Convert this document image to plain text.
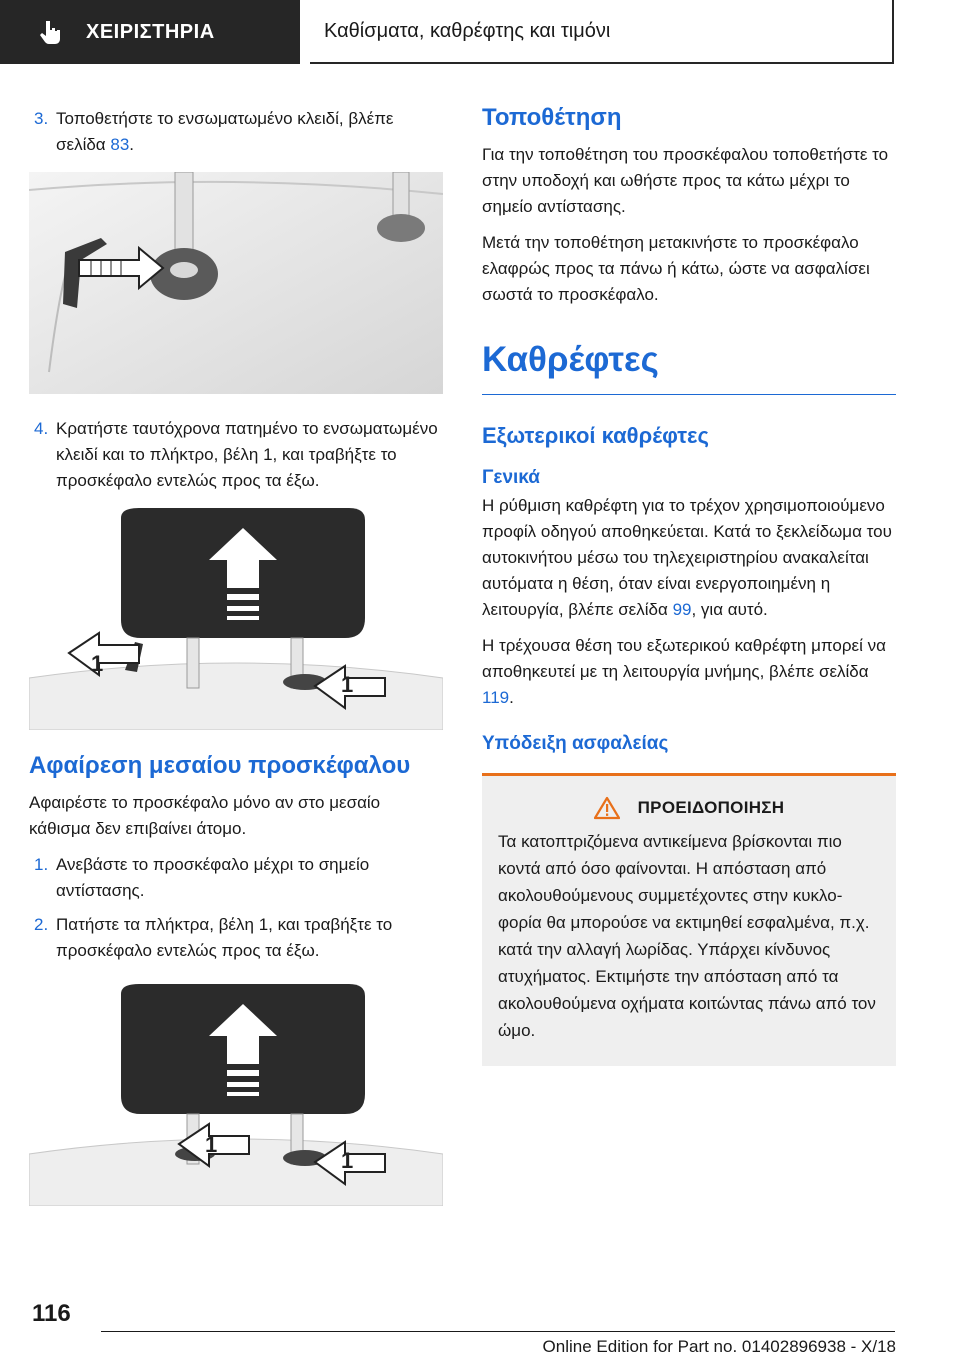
ΧΕΙΡΙΣΤΗΡΙΑ	Καθίσματα, καθρέφτης και τιμόνι
3. Τοποθετήστε το ενσωματωμένο κλειδί, βλέπε σελίδα 83.
4. Κρατήστε ταυτόχρονα πατημένο το ενσωματωμένο κλειδί και το πλήκτρο, βέλη 1, και τραβήξτε το προσκέφαλο εντελώς προς τα έξω.
1
1
Αφαίρεση μεσαίου προσκέφαλου

Αφαιρέστε το προσκέφαλο μόνο αν στο μεσαίο κάθισμα δεν επιβαίνει άτομο.

1. Ανεβάστε το προσκέφαλο μέχρι το σημείο αντίστασης.
2. Πατήστε τα πλήκτρα, βέλη 1, και τραβήξτε το προσκέφαλο εντελώς προς τα έξω.
1
1
Τοποθέτηση

Για την τοποθέτηση του προσκέφαλου τοποθετήστε το στην υποδοχή και ωθήστε προς τα κάτω μέχρι το σημείο αντίστασης.

Μετά την τοποθέτηση μετακινήστε το προσκέφαλο ελαφρώς προς τα πάνω ή κάτω, ώστε να ασφαλίσει σωστά το προσκέφαλο.

Καθρέφτες
Εξωτερικοί καθρέφτες
Γενικά

Η ρύθμιση καθρέφτη για το τρέχον χρησιμοποιούμενο προφίλ οδηγού αποθηκεύεται. Κατά το ξεκλείδωμα του αυτοκινήτου μέσω του τηλεχειριστηρίου ανακαλείται αυτόματα η θέση, όταν είναι ενεργοποιημένη η λειτουργία, βλέπε σελίδα 99, για αυτό.

Η τρέχουσα θέση του εξωτερικού καθρέφτη μπορεί να αποθηκευτεί με τη λειτουργία μνήμης, βλέπε σελίδα 119.

Υπόδειξη ασφαλείας
ΠΡΟΕΙΔΟΠΟΙΗΣΗ
Τα κατοπτριζόμενα αντικείμενα βρίσκονται πιο κοντά από όσο φαίνονται. Η απόσταση από ακολουθούμενους συμμετέχοντες στην κυκλοφορία θα μπορούσε να εκτιμηθεί εσφαλμένα, π.χ. κατά την αλλαγή λωρίδας. Υπάρχει κίνδυνος ατυχήματος. Εκτιμήστε την απόσταση από τα ακολουθούμενα οχήματα κοιτώντας πάνω από τον ώμο.
116
Online Edition for Part no. 01402896938 - X/18
